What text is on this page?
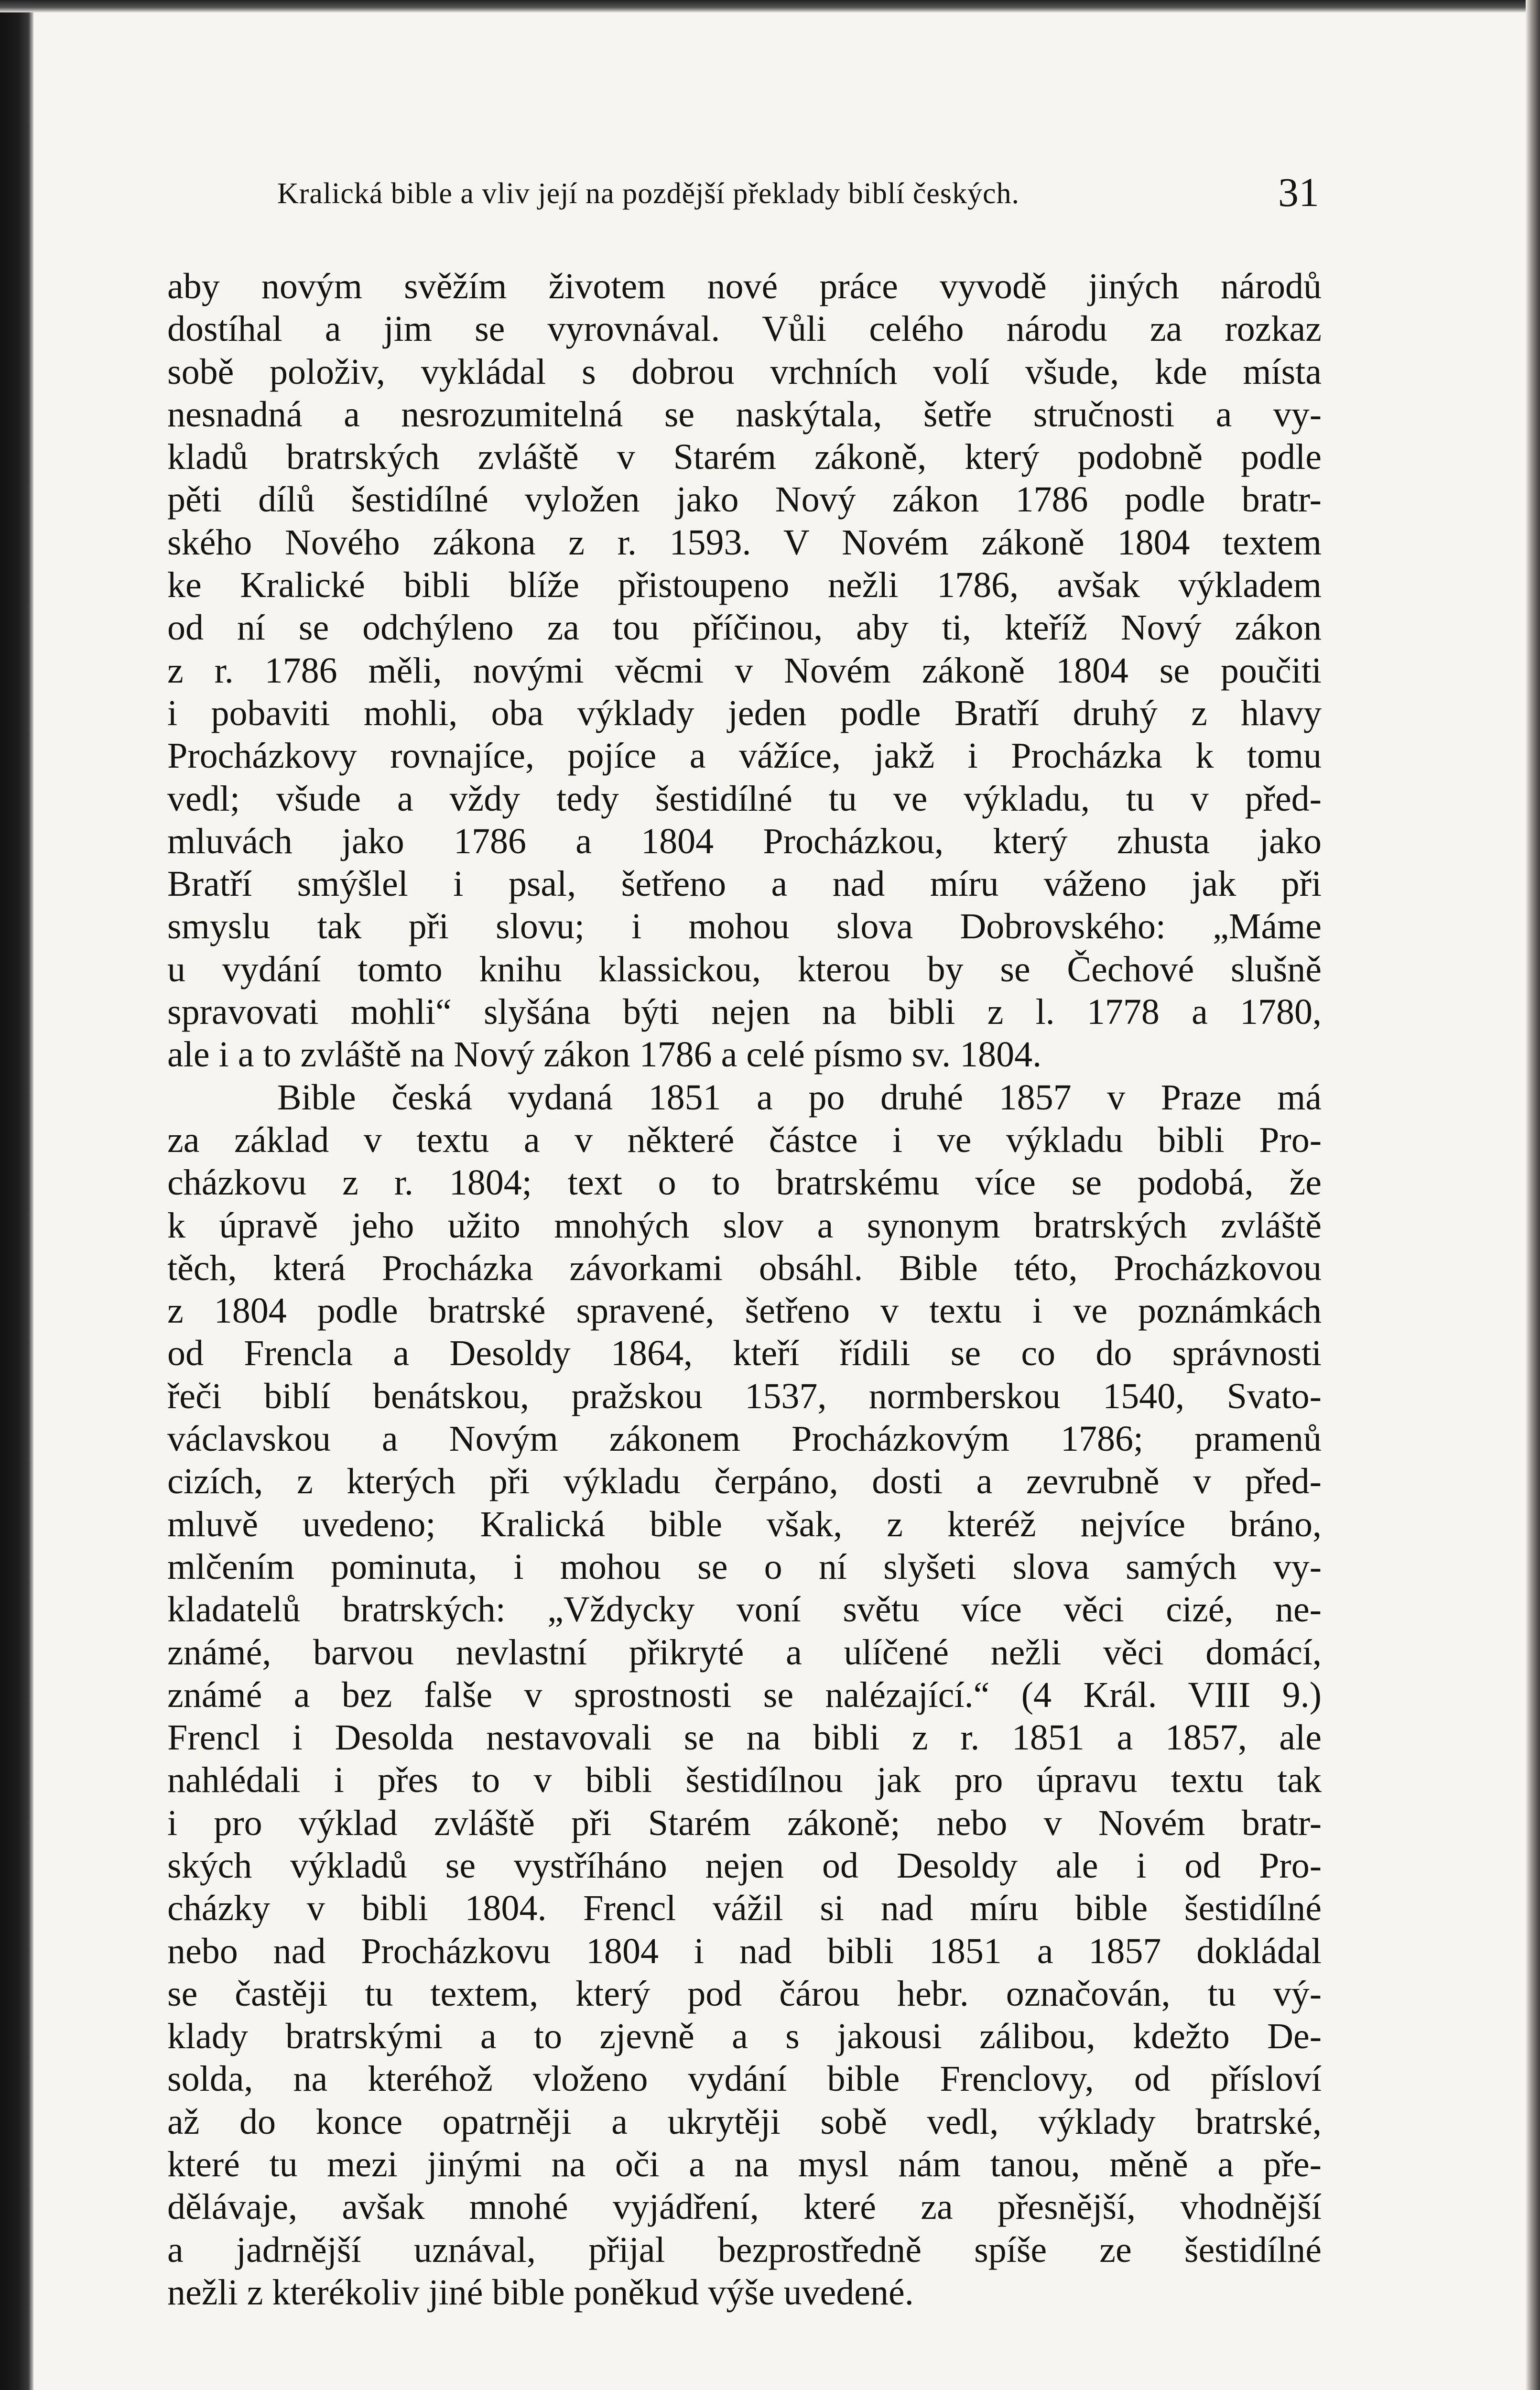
Kralická bible a vliv její na pozdější překlady biblí českých.	31
aby novým svěžím životem nové práce vyvodě jiných národů
dostíhal a jim se vyrovnával. Vůli celého národu za rozkaz
sobě položiv, vykládal s dobrou vrchních volí všude, kde místa
nesnadná a nesrozumitelná se naskýtala, šetře stručnosti a vy-
kladů bratrských zvláště v Starém zákoně, který podobně podle
pěti dílů šestidílné vyložen jako Nový zákon 1786 podle bratr-
ského Nového zákona z r. 1593. V Novém zákoně 1804 textem
ke Kralické bibli blíže přistoupeno nežli 1786, avšak výkladem
od ní se odchýleno za tou příčinou, aby ti, kteříž Nový zákon
z r. 1786 měli, novými věcmi v Novém zákoně 1804 se poučiti
i pobaviti mohli, oba výklady jeden podle Bratří druhý z hlavy
Procházkovy rovnajíce, pojíce a vážíce, jakž i Procházka k tomu
vedl; všude a vždy tedy šestidílné tu ve výkladu, tu v před-
mluvách jako 1786 a 1804 Procházkou, který zhusta jako
Bratří smýšlel i psal, šetřeno a nad míru váženo jak při
smyslu tak při slovu; i mohou slova Dobrovského: „Máme
u vydání tomto knihu klassickou, kterou by se Čechové slušně
spravovati mohli“ slyšána býti nejen na bibli z l. 1778 a 1780,
ale i a to zvláště na Nový zákon 1786 a celé písmo sv. 1804.
Bible česká vydaná 1851 a po druhé 1857 v Praze má
za základ v textu a v některé částce i ve výkladu bibli Pro-
cházkovu z r. 1804; text o to bratrskému více se podobá, že
k úpravě jeho užito mnohých slov a synonym bratrských zvláště
těch, která Procházka závorkami obsáhl. Bible této, Procházkovou
z 1804 podle bratrské spravené, šetřeno v textu i ve poznámkách
od Frencla a Desoldy 1864, kteří řídili se co do správnosti
řeči biblí benátskou, pražskou 1537, normberskou 1540, Svato-
václavskou a Novým zákonem Procházkovým 1786; pramenů
cizích, z kterých při výkladu čerpáno, dosti a zevrubně v před-
mluvě uvedeno; Kralická bible však, z kteréž nejvíce bráno,
mlčením pominuta, i mohou se o ní slyšeti slova samých vy-
kladatelů bratrských: „Vždycky voní světu více věci cizé, ne-
známé, barvou nevlastní přikryté a ulíčené nežli věci domácí,
známé a bez falše v sprostnosti se nalézající.“ (4 Král. VIII 9.)
Frencl i Desolda nestavovali se na bibli z r. 1851 a 1857, ale
nahlédali i přes to v bibli šestidílnou jak pro úpravu textu tak
i pro výklad zvláště při Starém zákoně; nebo v Novém bratr-
ských výkladů se vystříháno nejen od Desoldy ale i od Pro-
cházky v bibli 1804. Frencl vážil si nad míru bible šestidílné
nebo nad Procházkovu 1804 i nad bibli 1851 a 1857 dokládal
se častěji tu textem, který pod čárou hebr. označován, tu vý-
klady bratrskými a to zjevně a s jakousi zálibou, kdežto De-
solda, na kteréhož vloženo vydání bible Frenclovy, od přísloví
až do konce opatrněji a ukrytěji sobě vedl, výklady bratrské,
které tu mezi jinými na oči a na mysl nám tanou, měně a pře-
dělávaje, avšak mnohé vyjádření, které za přesnější, vhodnější
a jadrnější uznával, přijal bezprostředně spíše ze šestidílné
nežli z kterékoliv jiné bible poněkud výše uvedené.
